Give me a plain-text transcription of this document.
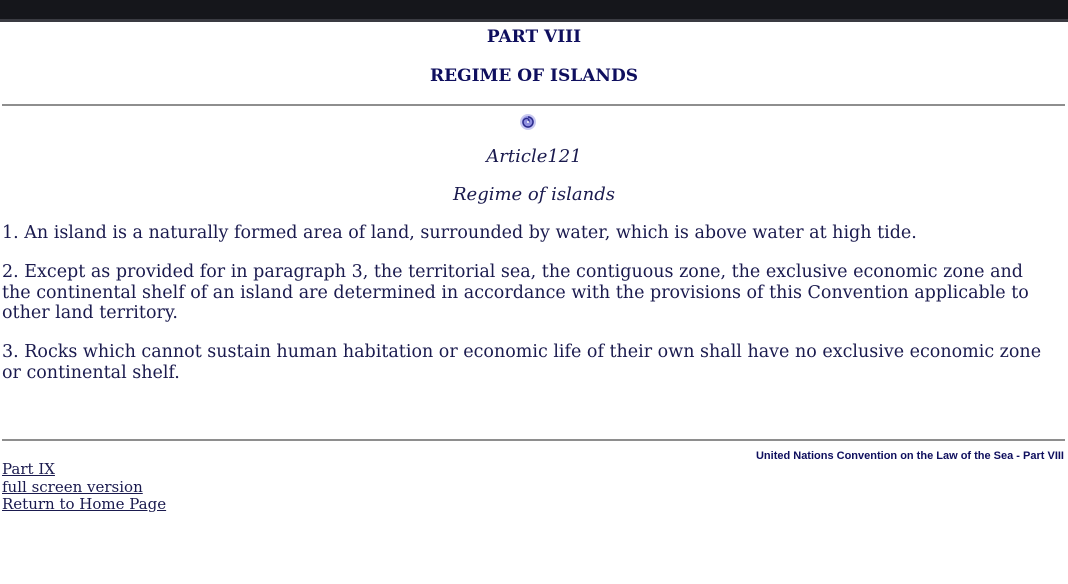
PART VIII
REGIME OF ISLANDS
Article121
Regime of islands

1. An island is a naturally formed area of land, surrounded by water, which is above water at high tide.

2. Except as provided for in paragraph 3, the territorial sea, the contiguous zone, the exclusive economic zone and the continental shelf of an island are determined in accordance with the provisions of this Convention applicable to other land territory.

3. Rocks which cannot sustain human habitation or economic life of their own shall have no exclusive economic zone or continental shelf.

United Nations Convention on the Law of the Sea - Part VIII
Part IX
full screen version
Return to Home Page
